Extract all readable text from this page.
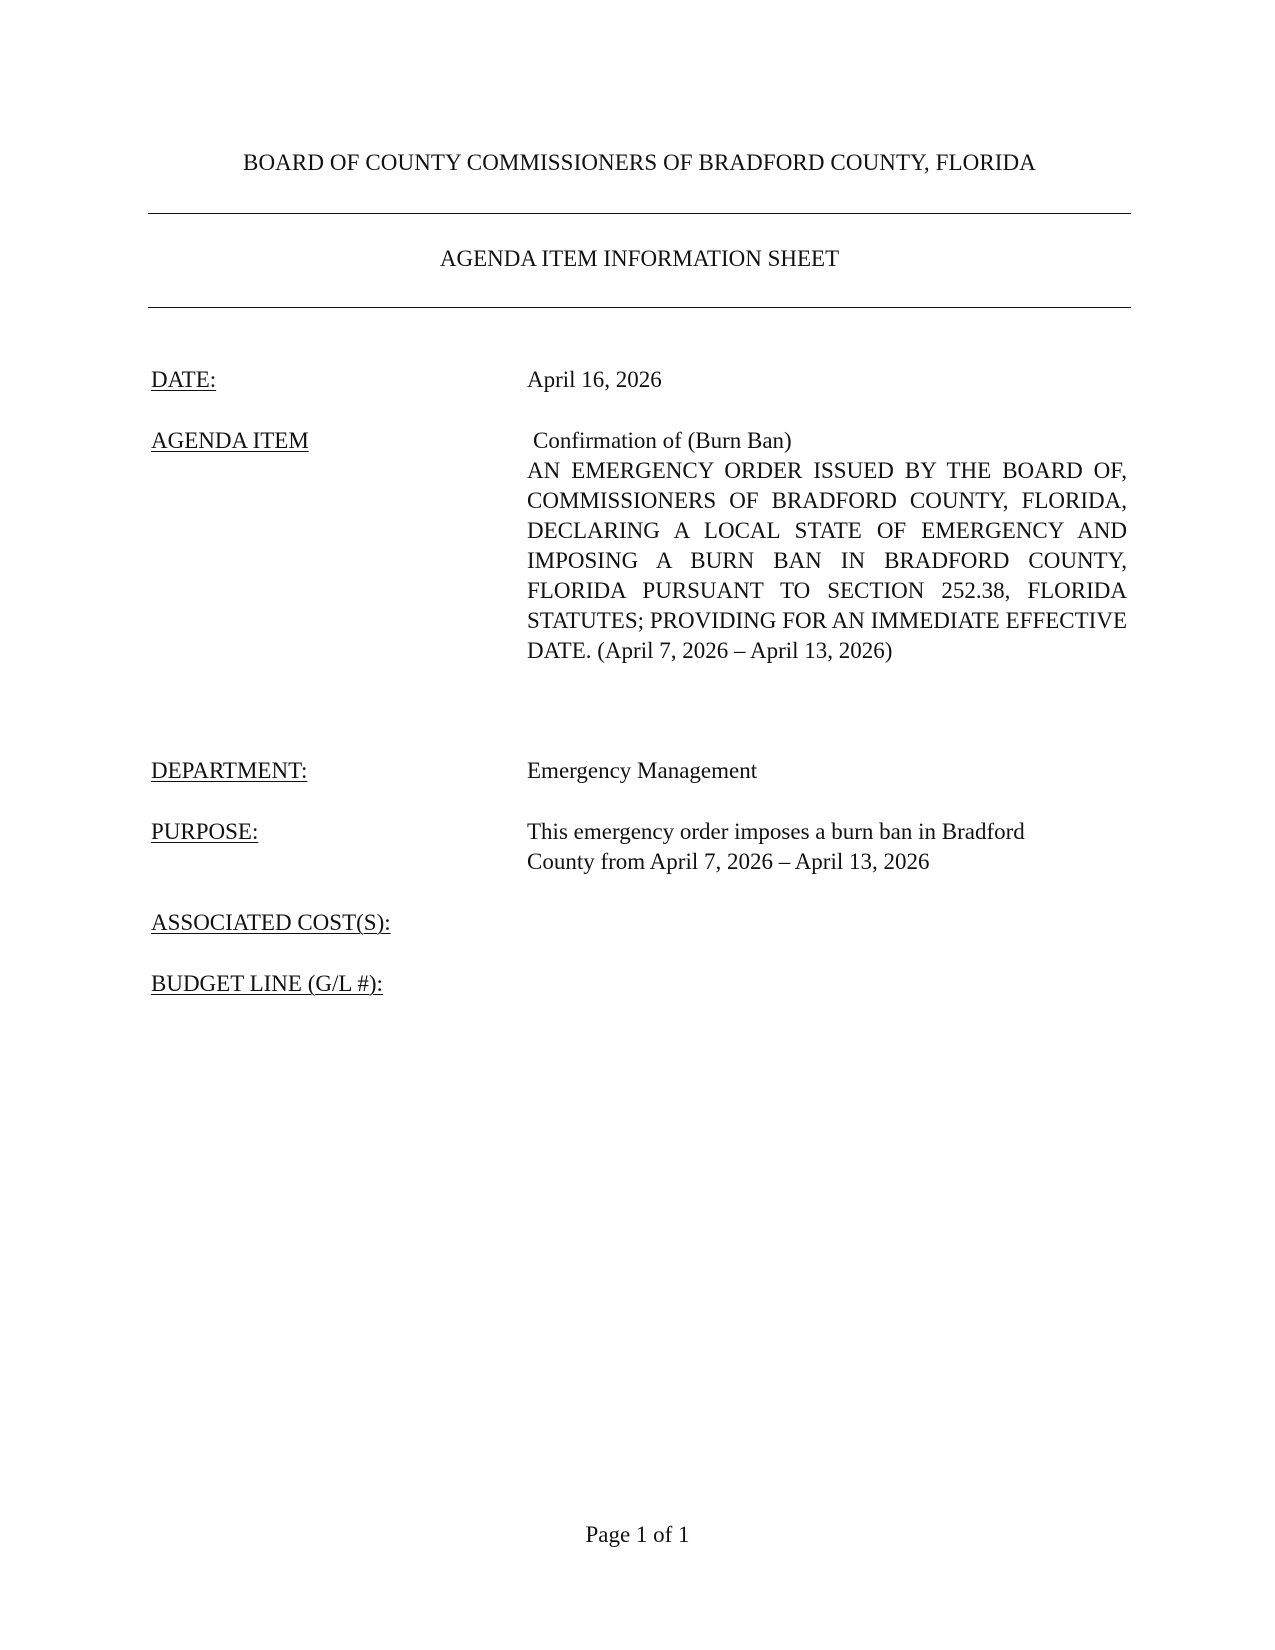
BOARD OF COUNTY COMMISSIONERS OF BRADFORD COUNTY, FLORIDA
AGENDA ITEM INFORMATION SHEET
DATE:	April 16, 2026
AGENDA ITEM	Confirmation of (Burn Ban)
AN EMERGENCY ORDER ISSUED BY THE BOARD OF, COMMISSIONERS OF BRADFORD COUNTY, FLORIDA, DECLARING A LOCAL STATE OF EMERGENCY AND IMPOSING A BURN BAN IN BRADFORD COUNTY, FLORIDA PURSUANT TO SECTION 252.38, FLORIDA STATUTES; PROVIDING FOR AN IMMEDIATE EFFECTIVE DATE. (April 7, 2026 – April 13, 2026)
DEPARTMENT:	Emergency Management
PURPOSE:	This emergency order imposes a burn ban in Bradford County from April 7, 2026 – April 13, 2026
ASSOCIATED COST(S):
BUDGET LINE (G/L #):
Page 1 of 1
